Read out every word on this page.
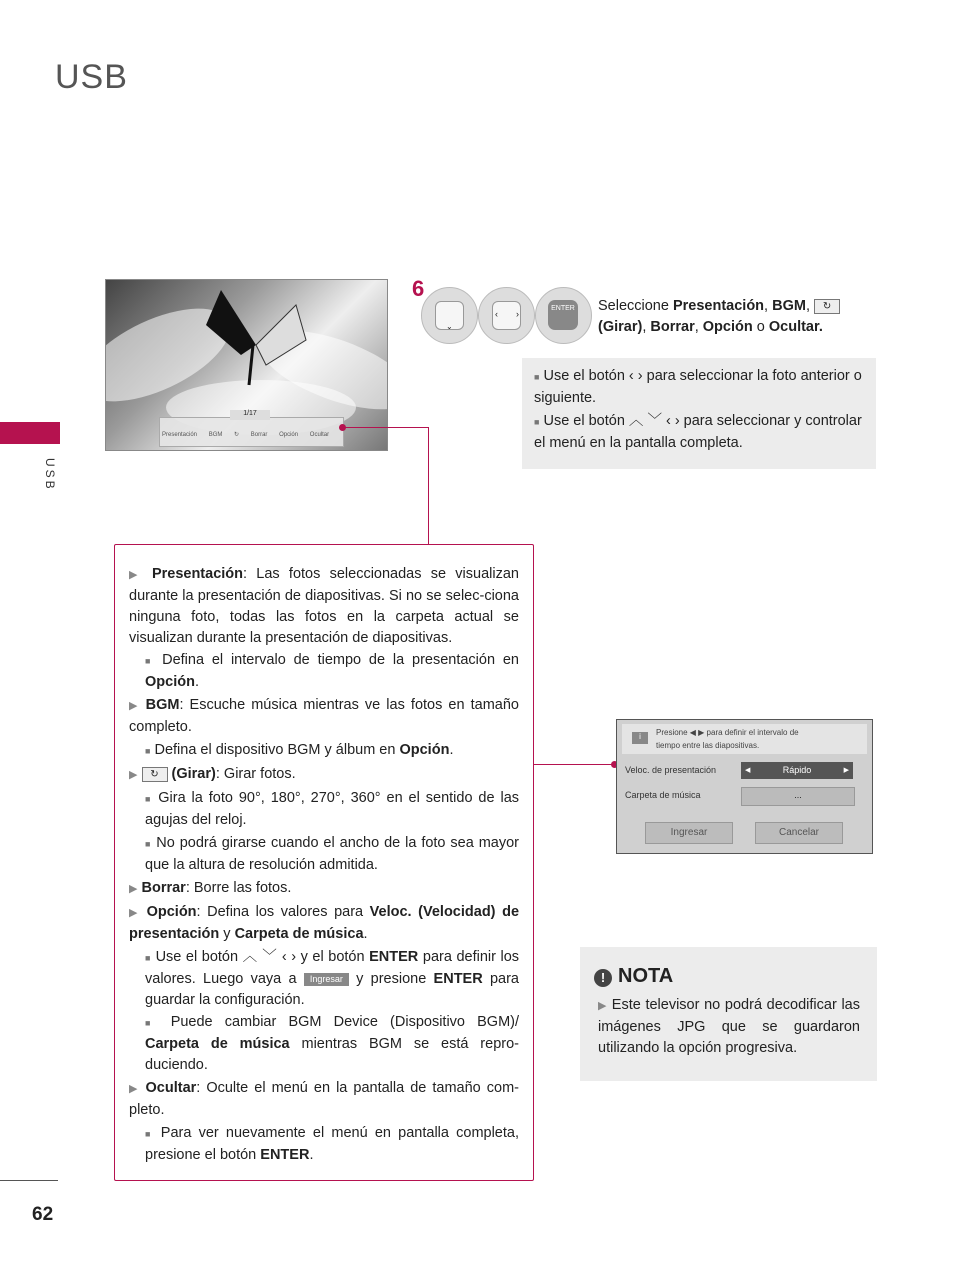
USB
USB
62
1/17
Presentación BGM ↻ Borrar Opción Ocultar
6
⌄
‹ ›
ENTER Seleccione Presentación, BGM, ↻
(Girar), Borrar, Opción o Ocultar.

■ Use el botón ‹ › para seleccionar la foto anterior o siguiente.

■ Use el botón ︿ ﹀ ‹ › para seleccionar y controlar el menú en la pantalla completa.

▶ Presentación: Las fotos seleccionadas se visualizan durante la presentación de diapositivas. Si no se selec-ciona ninguna foto, todas las fotos en la carpeta actual se visualizan durante la presentación de diapositivas.
■ Defina el intervalo de tiempo de la presentación en Opción.
▶ BGM: Escuche música mientras ve las fotos en tamaño completo.
■ Defina el dispositivo BGM y álbum en Opción.
▶ ↻ (Girar): Girar fotos.
■ Gira la foto 90°, 180°, 270°, 360° en el sentido de las agujas del reloj.
■ No podrá girarse cuando el ancho de la foto sea mayor que la altura de resolución admitida.
▶ Borrar: Borre las fotos.
▶ Opción: Defina los valores para Veloc. (Velocidad) de presentación y Carpeta de música.
■ Use el botón ︿ ﹀ ‹ › y el botón ENTER para definir los valores. Luego vaya a Ingresar y presione ENTER para guardar la configuración.
■ Puede cambiar BGM Device (Dispositivo BGM)/ Carpeta de música mientras BGM se está repro-duciendo.
▶ Ocultar: Oculte el menú en la pantalla de tamaño com-pleto.
■ Para ver nuevamente el menú en pantalla completa, presione el botón ENTER.
i	Presione ◀ ▶ para definir el intervalo de tiempo entre las diapositivas.
Veloc. de presentación	◀	Rápido	▶
Carpeta de música	...
Ingresar	Cancelar
! NOTA
▶ Este televisor no podrá decodificar las imágenes JPG que se guardaron utilizando la opción progresiva.
